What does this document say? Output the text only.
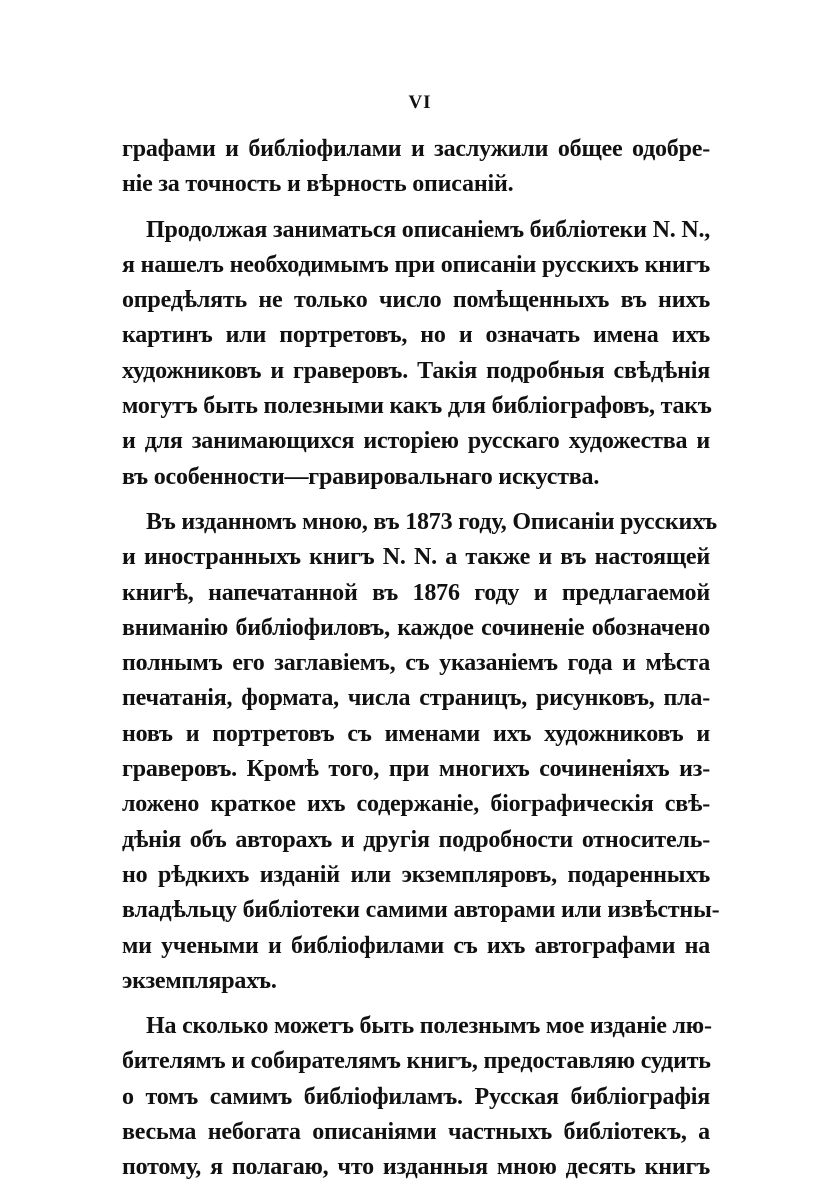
VI
графами и библіофилами и заслужили общее одобре-
ніе за точность и вѣрность описаній.
Продолжая заниматься описаніемъ библіотеки N. N.,
я нашелъ необходимымъ при описаніи русскихъ книгъ
опредѣлять не только число помѣщенныхъ въ нихъ
картинъ или портретовъ, но и означать имена ихъ
художниковъ и граверовъ. Такія подробныя свѣдѣнія
могутъ быть полезными какъ для библіографовъ, такъ
и для занимающихся исторіею русскаго художества и
въ особенности—гравировальнаго искуства.
Въ изданномъ мною, въ 1873 году, Описаніи русскихъ
и иностранныхъ книгъ N. N. а также и въ настоящей
книгѣ, напечатанной въ 1876 году и предлагаемой
вниманію библіофиловъ, каждое сочиненіе обозначено
полнымъ его заглавіемъ, съ указаніемъ года и мѣста
печатанія, формата, числа страницъ, рисунковъ, пла-
новъ и портретовъ съ именами ихъ художниковъ и
граверовъ. Кромѣ того, при многихъ сочиненіяхъ из-
ложено краткое ихъ содержаніе, біографическія свѣ-
дѣнія объ авторахъ и другія подробности относитель-
но рѣдкихъ изданій или экземпляровъ, подаренныхъ
владѣльцу библіотеки самими авторами или извѣстны-
ми учеными и библіофилами съ ихъ автографами на
экземплярахъ.
На сколько можетъ быть полезнымъ мое изданіе лю-
бителямъ и собирателямъ книгъ, предоставляю судить
о томъ самимъ библіофиламъ. Русская библіографія
весьма небогата описаніями частныхъ библіотекъ, а
потому, я полагаю, что изданныя мною десять книгъ
